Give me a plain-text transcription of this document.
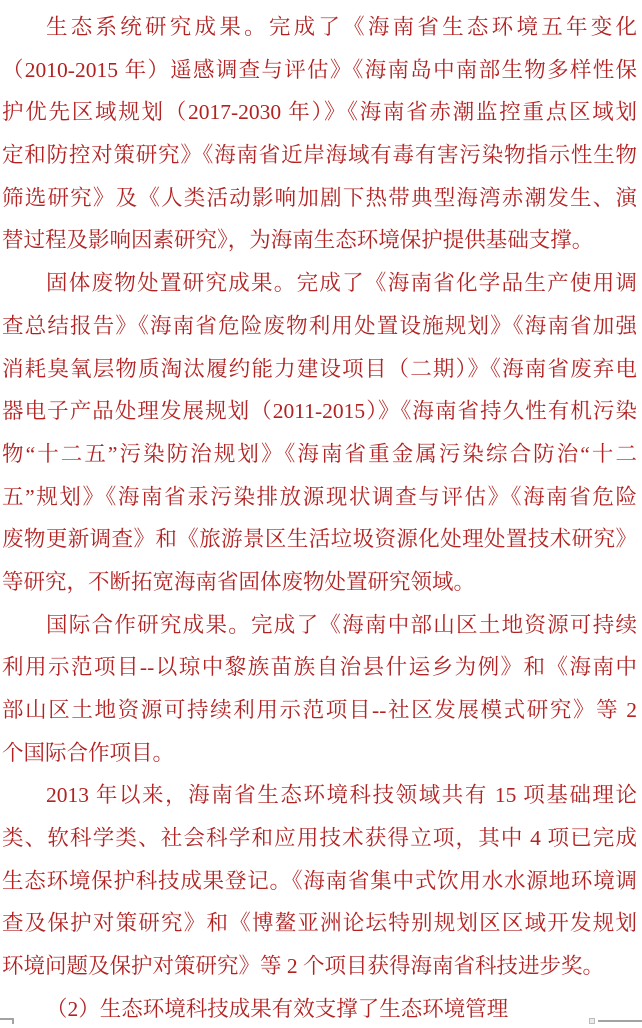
生态系统研究成果。完成了《海南省生态环境五年变化
（2010-2015 年）遥感调查与评估》《海南岛中南部生物多样性保
护优先区域规划（2017-2030 年）》《海南省赤潮监控重点区域划
定和防控对策研究》《海南省近岸海域有毒有害污染物指示性生物
筛选研究》及《人类活动影响加剧下热带典型海湾赤潮发生、演
替过程及影响因素研究》，为海南生态环境保护提供基础支撑。
固体废物处置研究成果。完成了《海南省化学品生产使用调
查总结报告》《海南省危险废物利用处置设施规划》《海南省加强
消耗臭氧层物质淘汰履约能力建设项目（二期）》《海南省废弃电
器电子产品处理发展规划（2011-2015）》《海南省持久性有机污染
物“十二五”污染防治规划》《海南省重金属污染综合防治“十二
五”规划》《海南省汞污染排放源现状调查与评估》《海南省危险
废物更新调查》和《旅游景区生活垃圾资源化处理处置技术研究》
等研究，不断拓宽海南省固体废物处置研究领域。
国际合作研究成果。完成了《海南中部山区土地资源可持续
利用示范项目--以琼中黎族苗族自治县什运乡为例》和《海南中
部山区土地资源可持续利用示范项目--社区发展模式研究》等 2
个国际合作项目。
2013 年以来，海南省生态环境科技领域共有 15 项基础理论
类、软科学类、社会科学和应用技术获得立项，其中 4 项已完成
生态环境保护科技成果登记。《海南省集中式饮用水水源地环境调
查及保护对策研究》和《博鳌亚洲论坛特别规划区区域开发规划
环境问题及保护对策研究》等 2 个项目获得海南省科技进步奖。
（2）生态环境科技成果有效支撑了生态环境管理
